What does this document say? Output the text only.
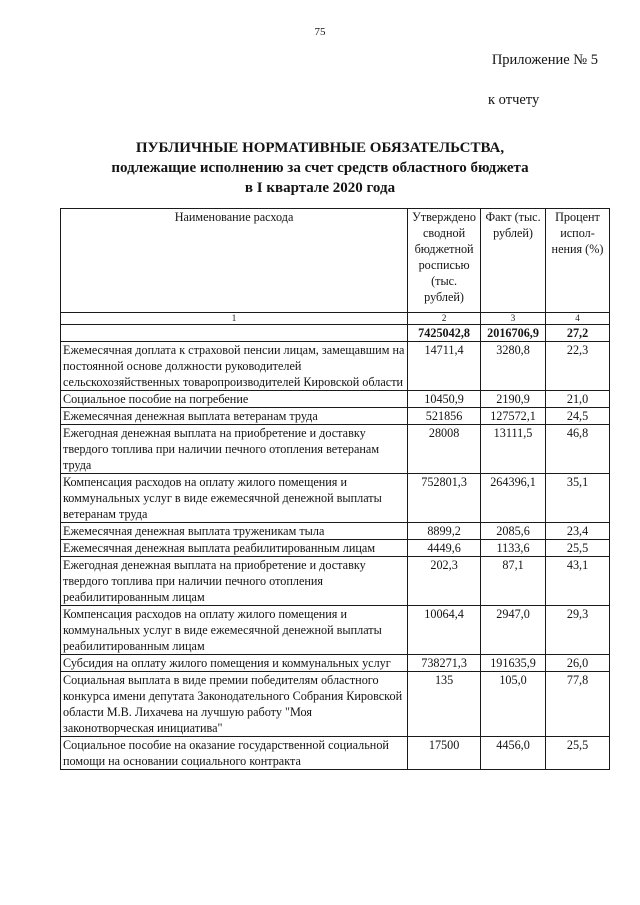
75
Приложение № 5
к отчету
ПУБЛИЧНЫЕ НОРМАТИВНЫЕ ОБЯЗАТЕЛЬСТВА,
подлежащие исполнению за счет средств областного бюджета
в I квартале 2020 года
Наименование расхода	Утверждено сводной бюджетной росписью (тыс. рублей)	Факт (тыс. рублей)	Процент испол-нения (%)
1	2	3	4
	7425042,8	2016706,9	27,2
Ежемесячная доплата к страховой пенсии лицам, замещавшим на постоянной основе должности руководителей сельскохозяйственных товаропроизводителей Кировской области	14711,4	3280,8	22,3
Социальное пособие на погребение	10450,9	2190,9	21,0
Ежемесячная денежная выплата ветеранам труда	521856	127572,1	24,5
Ежегодная денежная выплата на приобретение и доставку твердого топлива при наличии печного отопления ветеранам труда	28008	13111,5	46,8
Компенсация расходов на оплату жилого помещения и коммунальных услуг в виде ежемесячной денежной выплаты ветеранам труда	752801,3	264396,1	35,1
Ежемесячная денежная выплата труженикам тыла	8899,2	2085,6	23,4
Ежемесячная денежная выплата реабилитированным лицам	4449,6	1133,6	25,5
Ежегодная денежная выплата на приобретение и доставку твердого топлива при наличии печного отопления реабилитированным лицам	202,3	87,1	43,1
Компенсация расходов на оплату жилого помещения и коммунальных услуг в виде ежемесячной денежной выплаты реабилитированным лицам	10064,4	2947,0	29,3
Субсидия на оплату жилого помещения и коммунальных услуг	738271,3	191635,9	26,0
Социальная выплата в виде премии победителям областного конкурса имени депутата Законодательного Собрания Кировской области М.В. Лихачева на лучшую работу "Моя законотворческая инициатива"	135	105,0	77,8
Социальное пособие на оказание государственной социальной помощи на основании социального контракта	17500	4456,0	25,5
